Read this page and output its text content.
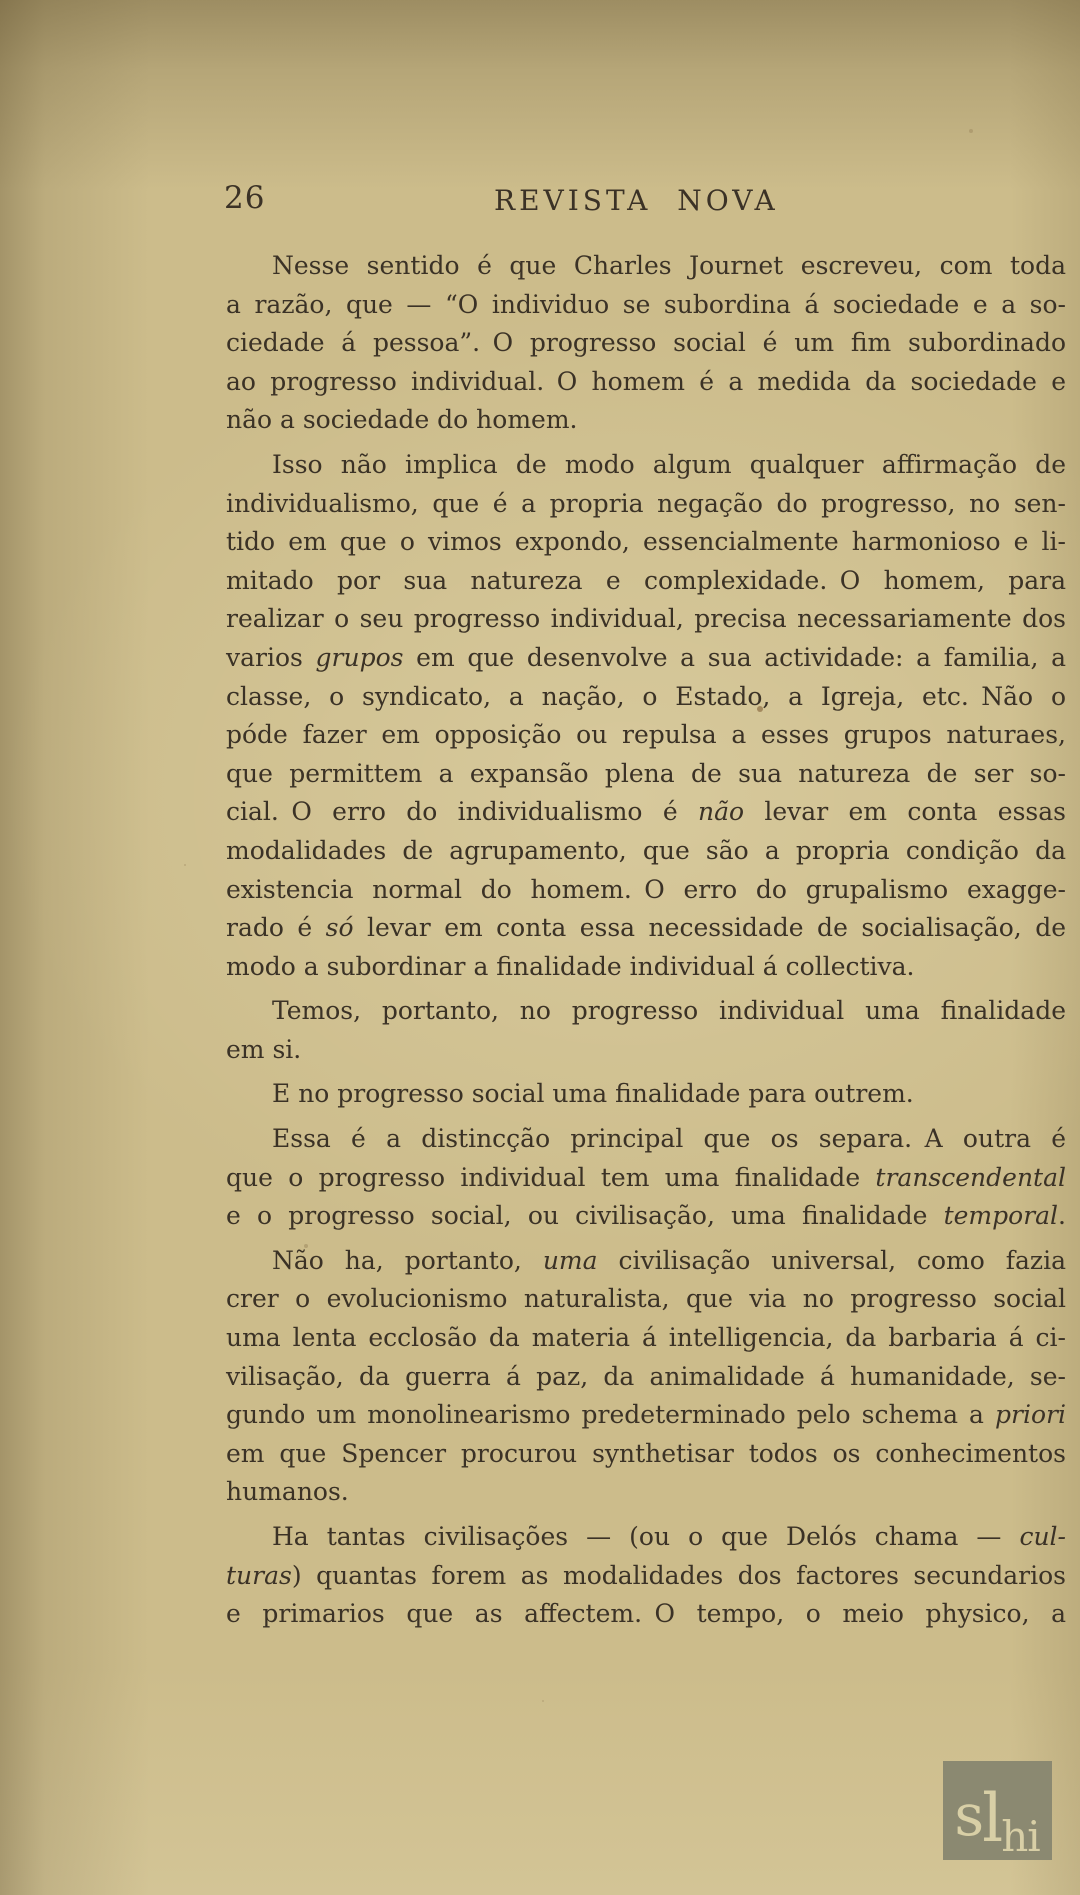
26	REVISTA NOVA
Nesse sentido é que Charles Journet escreveu, com toda
a razão, que — “O individuo se subordina á sociedade e a so-
ciedade á pessoa”. O progresso social é um fim subordinado
ao progresso individual. O homem é a medida da sociedade e
não a sociedade do homem.
Isso não implica de modo algum qualquer affirmação de
individualismo, que é a propria negação do progresso, no sen-
tido em que o vimos expondo, essencialmente harmonioso e li-
mitado por sua natureza e complexidade. O homem, para
realizar o seu progresso individual, precisa necessariamente dos
varios grupos em que desenvolve a sua actividade: a familia, a
classe, o syndicato, a nação, o Estado, a Igreja, etc. Não o
póde fazer em opposição ou repulsa a esses grupos naturaes,
que permittem a expansão plena de sua natureza de ser so-
cial. O erro do individualismo é não levar em conta essas
modalidades de agrupamento, que são a propria condição da
existencia normal do homem. O erro do grupalismo exagge-
rado é só levar em conta essa necessidade de socialisação, de
modo a subordinar a finalidade individual á collectiva.
Temos, portanto, no progresso individual uma finalidade
em si.
E no progresso social uma finalidade para outrem.
Essa é a distincção principal que os separa. A outra é
que o progresso individual tem uma finalidade transcendental
e o progresso social, ou civilisação, uma finalidade temporal.
Não ha, portanto, uma civilisação universal, como fazia
crer o evolucionismo naturalista, que via no progresso social
uma lenta ecclosão da materia á intelligencia, da barbaria á ci-
vilisação, da guerra á paz, da animalidade á humanidade, se-
gundo um monolinearismo predeterminado pelo schema a priori
em que Spencer procurou synthetisar todos os conhecimentos
humanos.
Ha tantas civilisações — (ou o que Delós chama — cul-
turas) quantas forem as modalidades dos factores secundarios
e primarios que as affectem. O tempo, o meio physico, a
s
l
h i
